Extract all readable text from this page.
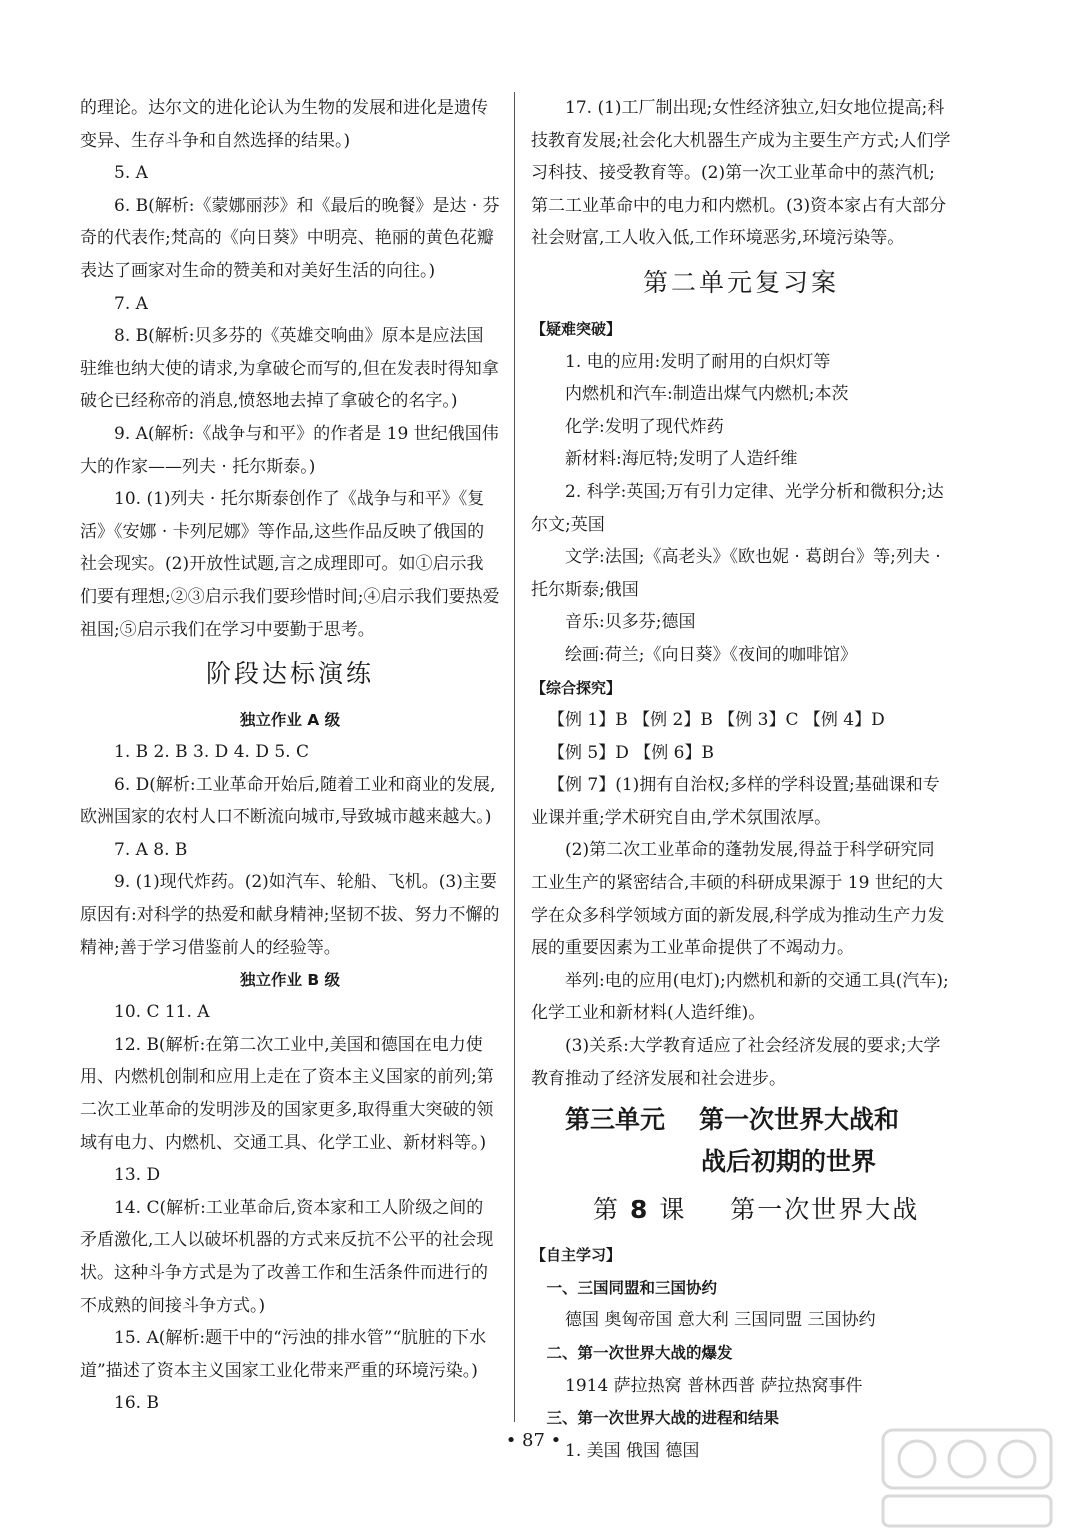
的理论。达尔文的进化论认为生物的发展和进化是遗传变异、生存斗争和自然选择的结果。)

5. A

6. B(解析:《蒙娜丽莎》和《最后的晚餐》是达 · 芬奇的代表作;梵高的《向日葵》中明亮、艳丽的黄色花瓣表达了画家对生命的赞美和对美好生活的向往。)

7. A

8. B(解析:贝多芬的《英雄交响曲》原本是应法国驻维也纳大使的请求,为拿破仑而写的,但在发表时得知拿破仑已经称帝的消息,愤怒地去掉了拿破仑的名字。)

9. A(解析:《战争与和平》的作者是 19 世纪俄国伟大的作家——列夫 · 托尔斯泰。)

10. (1)列夫 · 托尔斯泰创作了《战争与和平》《复活》《安娜 · 卡列尼娜》等作品,这些作品反映了俄国的社会现实。(2)开放性试题,言之成理即可。如①启示我们要有理想;②③启示我们要珍惜时间;④启示我们要热爱祖国;⑤启示我们在学习中要勤于思考。

阶段达标演练

独立作业 A 级

1. B 2. B 3. D 4. D 5. C

6. D(解析:工业革命开始后,随着工业和商业的发展,欧洲国家的农村人口不断流向城市,导致城市越来越大。)

7. A 8. B

9. (1)现代炸药。(2)如汽车、轮船、飞机。(3)主要原因有:对科学的热爱和献身精神;坚韧不拔、努力不懈的精神;善于学习借鉴前人的经验等。

独立作业 B 级

10. C 11. A

12. B(解析:在第二次工业中,美国和德国在电力使用、内燃机创制和应用上走在了资本主义国家的前列;第二次工业革命的发明涉及的国家更多,取得重大突破的领域有电力、内燃机、交通工具、化学工业、新材料等。)

13. D

14. C(解析:工业革命后,资本家和工人阶级之间的矛盾激化,工人以破坏机器的方式来反抗不公平的社会现状。这种斗争方式是为了改善工作和生活条件而进行的不成熟的间接斗争方式。)

15. A(解析:题干中的“污浊的排水管”“肮脏的下水道”描述了资本主义国家工业化带来严重的环境污染。)

16. B

17. (1)工厂制出现;女性经济独立,妇女地位提高;科技教育发展;社会化大机器生产成为主要生产方式;人们学习科技、接受教育等。(2)第一次工业革命中的蒸汽机;第二工业革命中的电力和内燃机。(3)资本家占有大部分社会财富,工人收入低,工作环境恶劣,环境污染等。

第二单元复习案

【疑难突破】

1. 电的应用:发明了耐用的白炽灯等

内燃机和汽车:制造出煤气内燃机;本茨

化学:发明了现代炸药

新材料:海厄特;发明了人造纤维

2. 科学:英国;万有引力定律、光学分析和微积分;达尔文;英国

文学:法国;《高老头》《欧也妮 · 葛朗台》等;列夫 · 托尔斯泰;俄国

音乐:贝多芬;德国

绘画:荷兰;《向日葵》《夜间的咖啡馆》

【综合探究】

【例 1】B 【例 2】B 【例 3】C 【例 4】D

【例 5】D 【例 6】B

【例 7】(1)拥有自治权;多样的学科设置;基础课和专业课并重;学术研究自由,学术氛围浓厚。

(2)第二次工业革命的蓬勃发展,得益于科学研究同工业生产的紧密结合,丰硕的科研成果源于 19 世纪的大学在众多科学领域方面的新发展,科学成为推动生产力发展的重要因素为工业革命提供了不竭动力。

举列:电的应用(电灯);内燃机和新的交通工具(汽车);化学工业和新材料(人造纤维)。

(3)关系:大学教育适应了社会经济发展的要求;大学教育推动了经济发展和社会进步。

第三单元 第一次世界大战和
战后初期的世界
第 8 课 第一次世界大战

【自主学习】

一、三国同盟和三国协约

德国 奥匈帝国 意大利 三国同盟 三国协约

二、第一次世界大战的爆发

1914 萨拉热窝 普林西普 萨拉热窝事件

三、第一次世界大战的进程和结果

1. 美国 俄国 德国

• 87 •
